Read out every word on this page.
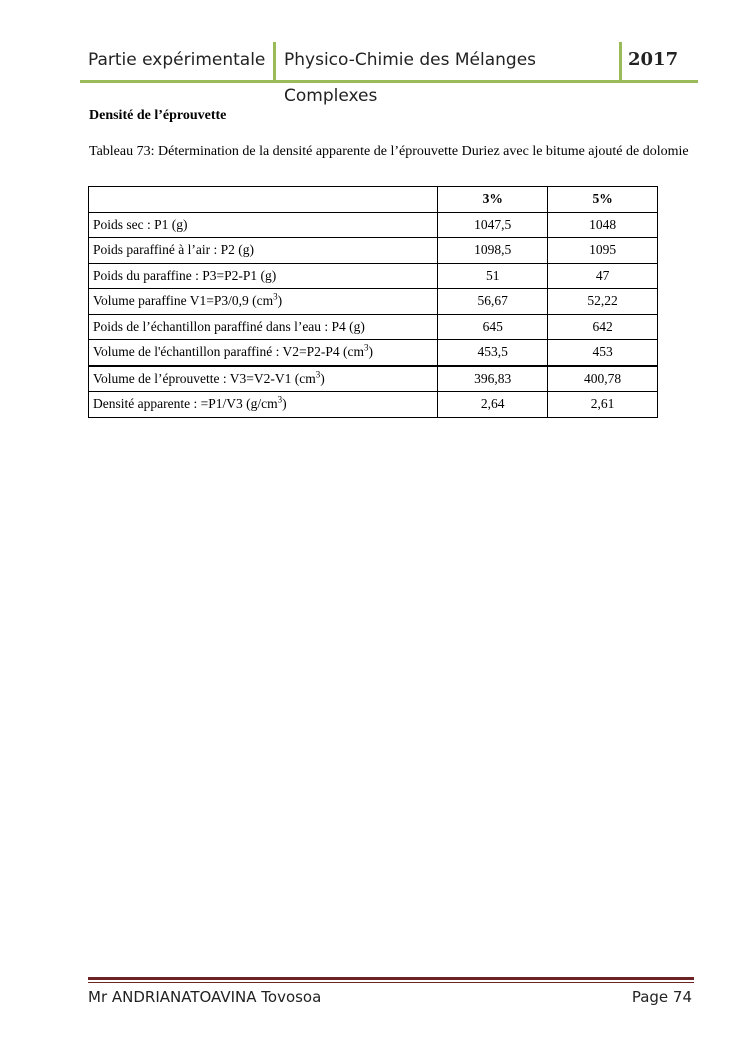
Partie expérimentale	Physico-Chimie des Mélanges Complexes
2017
Densité de l’éprouvette
Tableau 73: Détermination de la densité apparente de l’éprouvette Duriez avec le bitume ajouté de dolomie
	3%	5%
Poids sec : P1 (g)	1047,5	1048
Poids paraffiné à l’air : P2 (g)	1098,5	1095
Poids du paraffine : P3=P2-P1 (g)	51	47
Volume paraffine V1=P3/0,9 $(cm^3)$	56,67	52,22
Poids de l’échantillon paraffiné dans l’eau : P4 (g)	645	642
Volume de l'échantillon paraffiné : V2=P2-P4 $(cm^3)$	453,5	453
Volume de l’éprouvette : V3=V2-V1 $(cm^3)$	396,83	400,78
Densité apparente : =P1/V3 $(g/cm^3)$	2,64	2,61
Mr ANDRIANATOAVINA Tovosoa	Page 74
